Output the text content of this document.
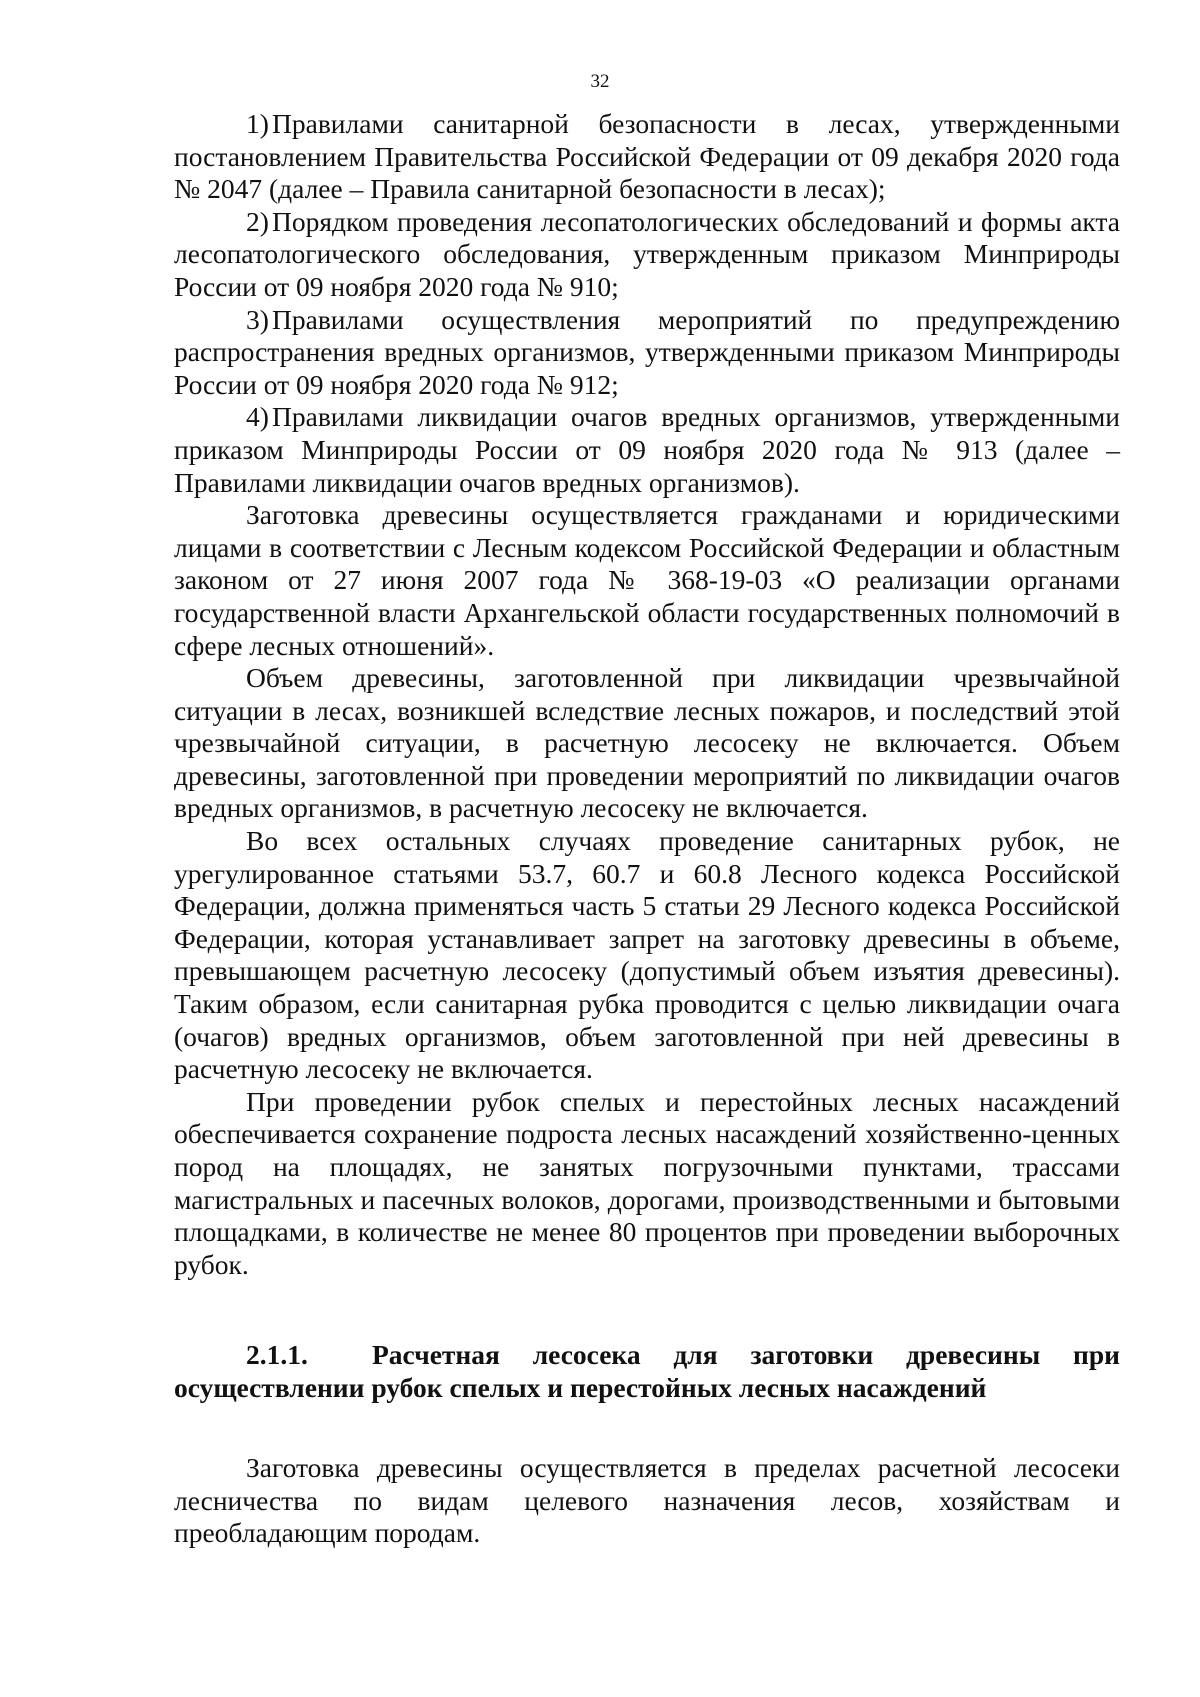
32

1) Правилами санитарной безопасности в лесах, утвержденными постановлением Правительства Российской Федерации от 09 декабря 2020 года № 2047 (далее – Правила санитарной безопасности в лесах);

2) Порядком проведения лесопатологических обследований и формы акта лесопатологического обследования, утвержденным приказом Минприроды России от 09 ноября 2020 года № 910;

3) Правилами осуществления мероприятий по предупреждению распространения вредных организмов, утвержденными приказом Минприроды России от 09 ноября 2020 года № 912;

4) Правилами ликвидации очагов вредных организмов, утвержденными приказом Минприроды России от 09 ноября 2020 года № 913 (далее – Правилами ликвидации очагов вредных организмов).

Заготовка древесины осуществляется гражданами и юридическими лицами в соответствии с Лесным кодексом Российской Федерации и областным законом от 27 июня 2007 года № 368-19-03 «О реализации органами государственной власти Архангельской области государственных полномочий в сфере лесных отношений».

Объем древесины, заготовленной при ликвидации чрезвычайной ситуации в лесах, возникшей вследствие лесных пожаров, и последствий этой чрезвычайной ситуации, в расчетную лесосеку не включается. Объем древесины, заготовленной при проведении мероприятий по ликвидации очагов вредных организмов, в расчетную лесосеку не включается.

Во всех остальных случаях проведение санитарных рубок, не урегулированное статьями 53.7, 60.7 и 60.8 Лесного кодекса Российской Федерации, должна применяться часть 5 статьи 29 Лесного кодекса Российской Федерации, которая устанавливает запрет на заготовку древесины в объеме, превышающем расчетную лесосеку (допустимый объем изъятия древесины). Таким образом, если санитарная рубка проводится с целью ликвидации очага (очагов) вредных организмов, объем заготовленной при ней древесины в расчетную лесосеку не включается.

При проведении рубок спелых и перестойных лесных насаждений обеспечивается сохранение подроста лесных насаждений хозяйственно-ценных пород на площадях, не занятых погрузочными пунктами, трассами магистральных и пасечных волоков, дорогами, производственными и бытовыми площадками, в количестве не менее 80 процентов при проведении выборочных рубок.

2.1.1. Расчетная лесосека для заготовки древесины при осуществлении рубок спелых и перестойных лесных насаждений

Заготовка древесины осуществляется в пределах расчетной лесосеки лесничества по видам целевого назначения лесов, хозяйствам и преобладающим породам.
